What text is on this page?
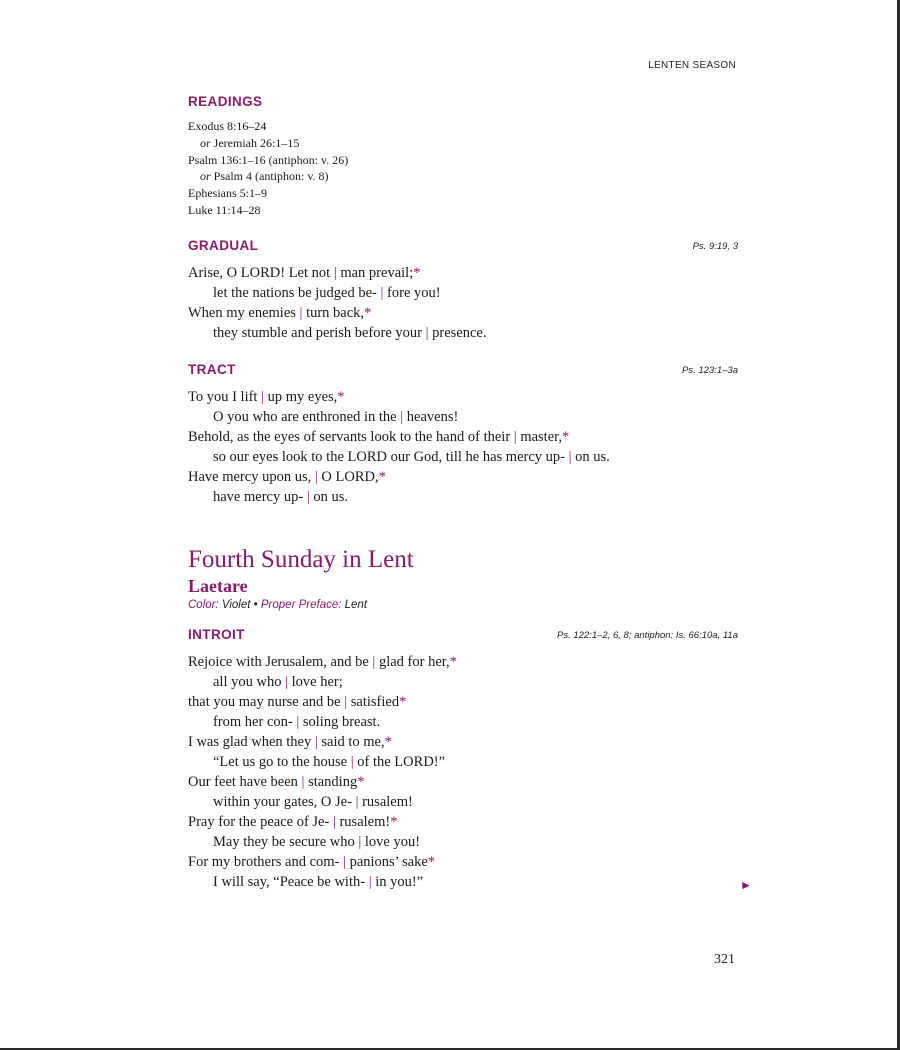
LENTEN SEASON
READINGS
Exodus 8:16–24
or Jeremiah 26:1–15
Psalm 136:1–16 (antiphon: v. 26)
or Psalm 4 (antiphon: v. 8)
Ephesians 5:1–9
Luke 11:14–28
GRADUAL	Ps. 9:19, 3
Arise, O LORD! Let not | man prevail;*
let the nations be judged be- | fore you!
When my enemies | turn back,*
they stumble and perish before your | presence.
TRACT	Ps. 123:1–3a
To you I lift | up my eyes,*
O you who are enthroned in the | heavens!
Behold, as the eyes of servants look to the hand of their | master,*
so our eyes look to the LORD our God, till he has mercy up- | on us.
Have mercy upon us, | O LORD,*
have mercy up- | on us.
Fourth Sunday in Lent
Laetare
Color: Violet • Proper Preface: Lent
INTROIT	Ps. 122:1–2, 6, 8; antiphon: Is. 66:10a, 11a
Rejoice with Jerusalem, and be | glad for her,*
all you who | love her;
that you may nurse and be | satisfied*
from her con- | soling breast.
I was glad when they | said to me,*
“Let us go to the house | of the LORD!”
Our feet have been | standing*
within your gates, O Je- | rusalem!
Pray for the peace of Je- | rusalem!*
May they be secure who | love you!
For my brothers and com- | panions’ sake*
I will say, “Peace be with- | in you!”	►
321
